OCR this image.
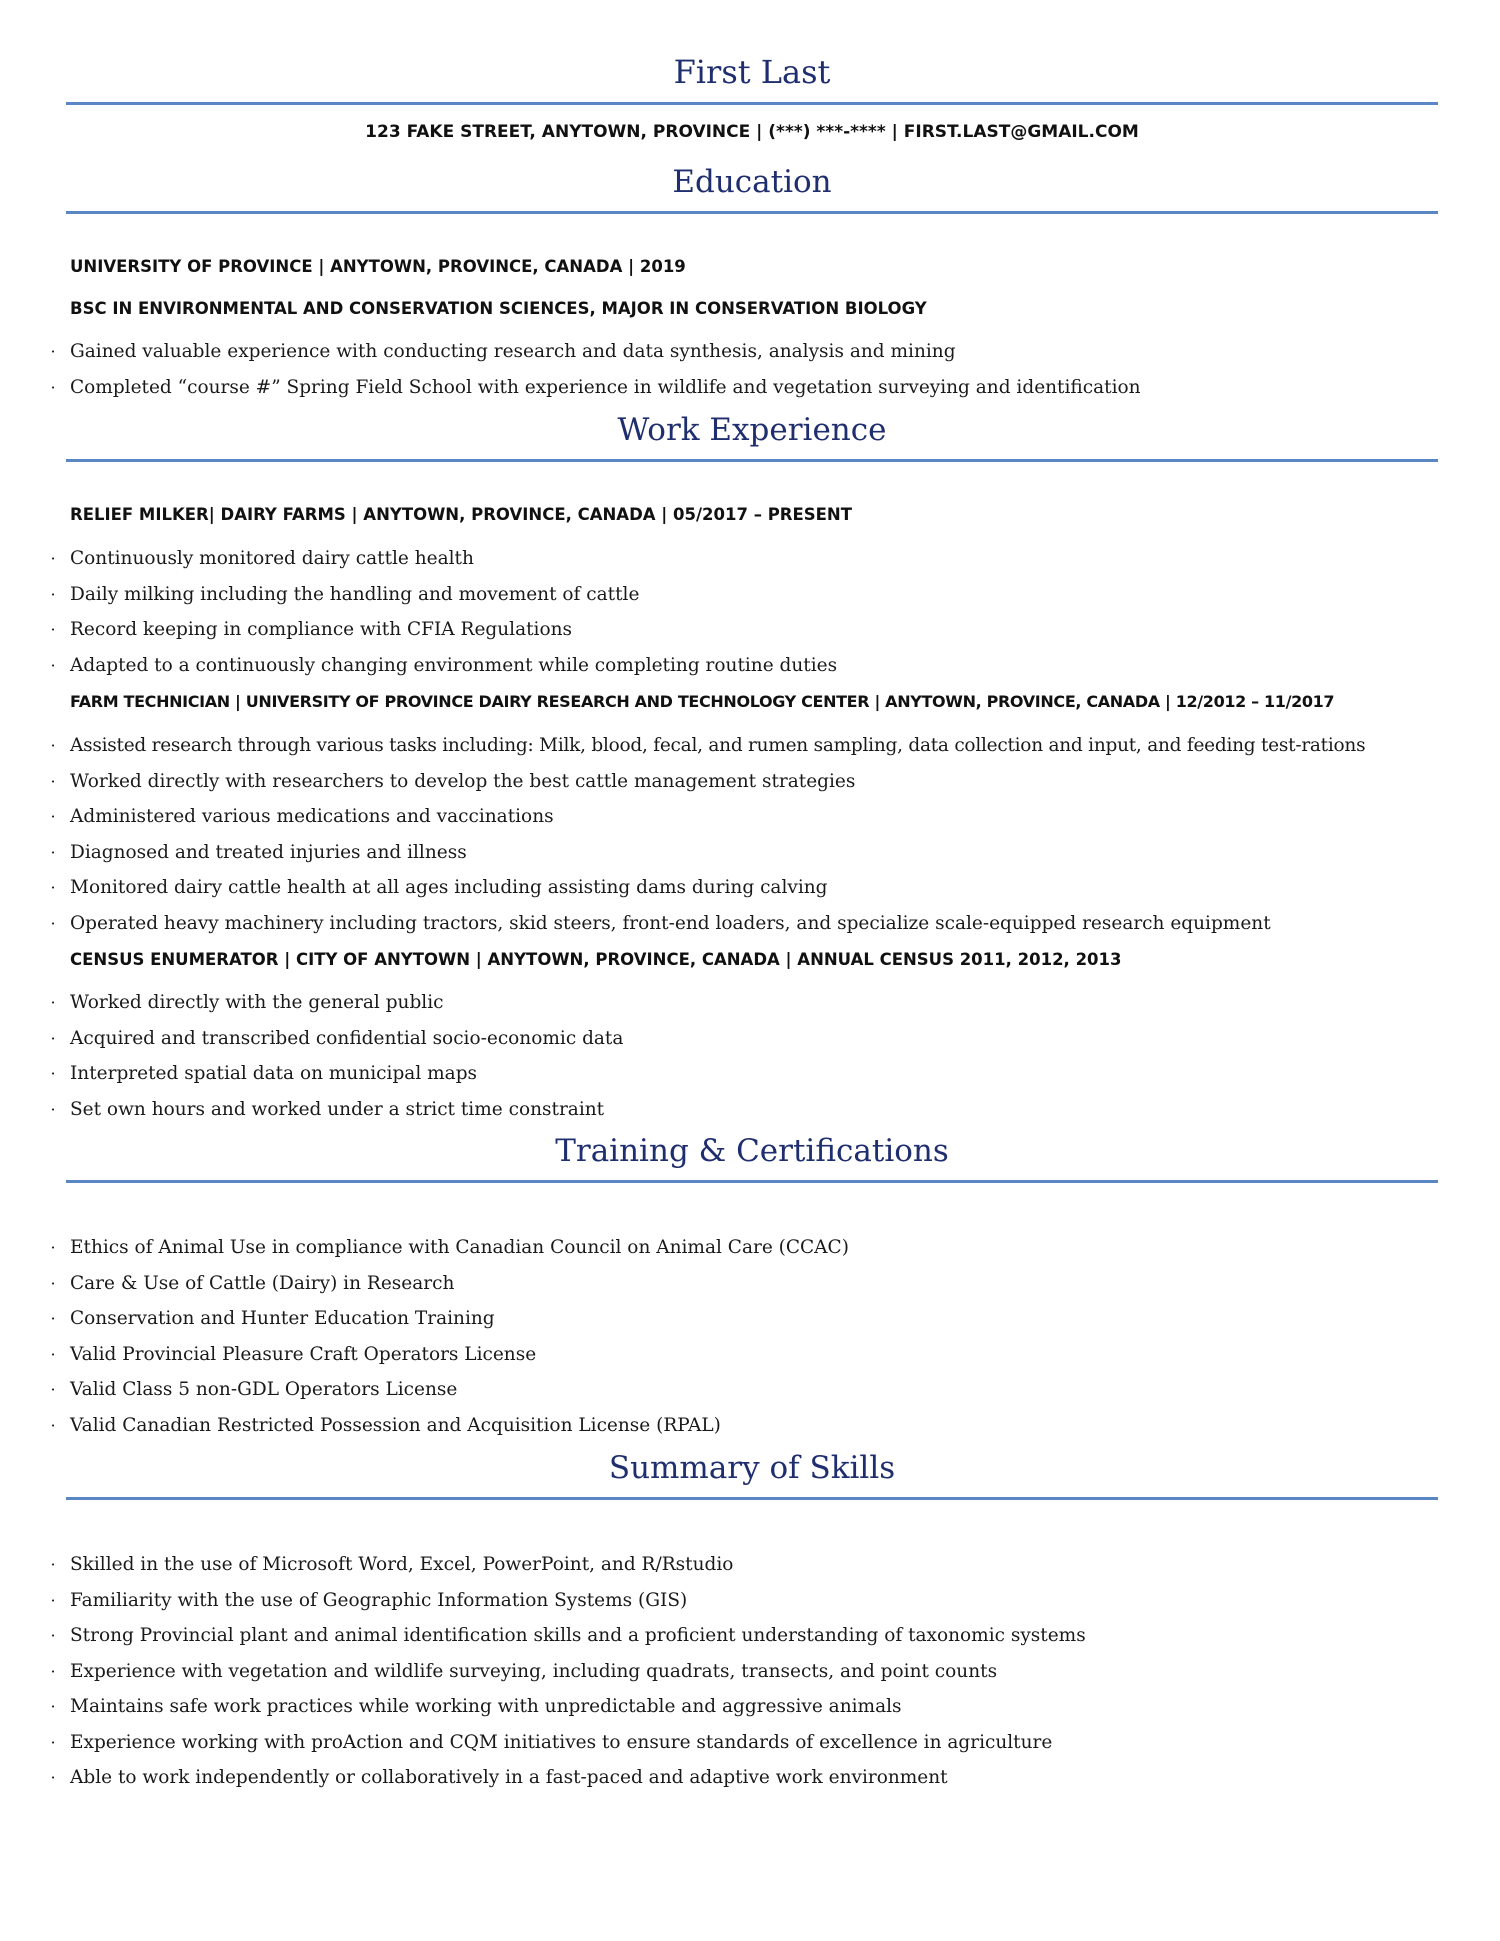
First Last
123 FAKE STREET, ANYTOWN, PROVINCE | (***) ***-**** | FIRST.LAST@GMAIL.COM
Education
UNIVERSITY OF PROVINCE | ANYTOWN, PROVINCE, CANADA | 2019
BSC IN ENVIRONMENTAL AND CONSERVATION SCIENCES, MAJOR IN CONSERVATION BIOLOGY
· Gained valuable experience with conducting research and data synthesis, analysis and mining
· Completed “course #” Spring Field School with experience in wildlife and vegetation surveying and identification
Work Experience
RELIEF MILKER| DAIRY FARMS | ANYTOWN, PROVINCE, CANADA | 05/2017 – PRESENT
· Continuously monitored dairy cattle health
· Daily milking including the handling and movement of cattle
· Record keeping in compliance with CFIA Regulations
· Adapted to a continuously changing environment while completing routine duties
FARM TECHNICIAN | UNIVERSITY OF PROVINCE DAIRY RESEARCH AND TECHNOLOGY CENTER | ANYTOWN, PROVINCE, CANADA | 12/2012 – 11/2017
· Assisted research through various tasks including: Milk, blood, fecal, and rumen sampling, data collection and input, and feeding test-rations
· Worked directly with researchers to develop the best cattle management strategies
· Administered various medications and vaccinations
· Diagnosed and treated injuries and illness
· Monitored dairy cattle health at all ages including assisting dams during calving
· Operated heavy machinery including tractors, skid steers, front-end loaders, and specialize scale-equipped research equipment
CENSUS ENUMERATOR | CITY OF ANYTOWN | ANYTOWN, PROVINCE, CANADA | ANNUAL CENSUS 2011, 2012, 2013
· Worked directly with the general public
· Acquired and transcribed confidential socio-economic data
· Interpreted spatial data on municipal maps
· Set own hours and worked under a strict time constraint
Training & Certifications
· Ethics of Animal Use in compliance with Canadian Council on Animal Care (CCAC)
· Care & Use of Cattle (Dairy) in Research
· Conservation and Hunter Education Training
· Valid Provincial Pleasure Craft Operators License
· Valid Class 5 non-GDL Operators License
· Valid Canadian Restricted Possession and Acquisition License (RPAL)
Summary of Skills
· Skilled in the use of Microsoft Word, Excel, PowerPoint, and R/Rstudio
· Familiarity with the use of Geographic Information Systems (GIS)
· Strong Provincial plant and animal identification skills and a proficient understanding of taxonomic systems
· Experience with vegetation and wildlife surveying, including quadrats, transects, and point counts
· Maintains safe work practices while working with unpredictable and aggressive animals
· Experience working with proAction and CQM initiatives to ensure standards of excellence in agriculture
· Able to work independently or collaboratively in a fast-paced and adaptive work environment
